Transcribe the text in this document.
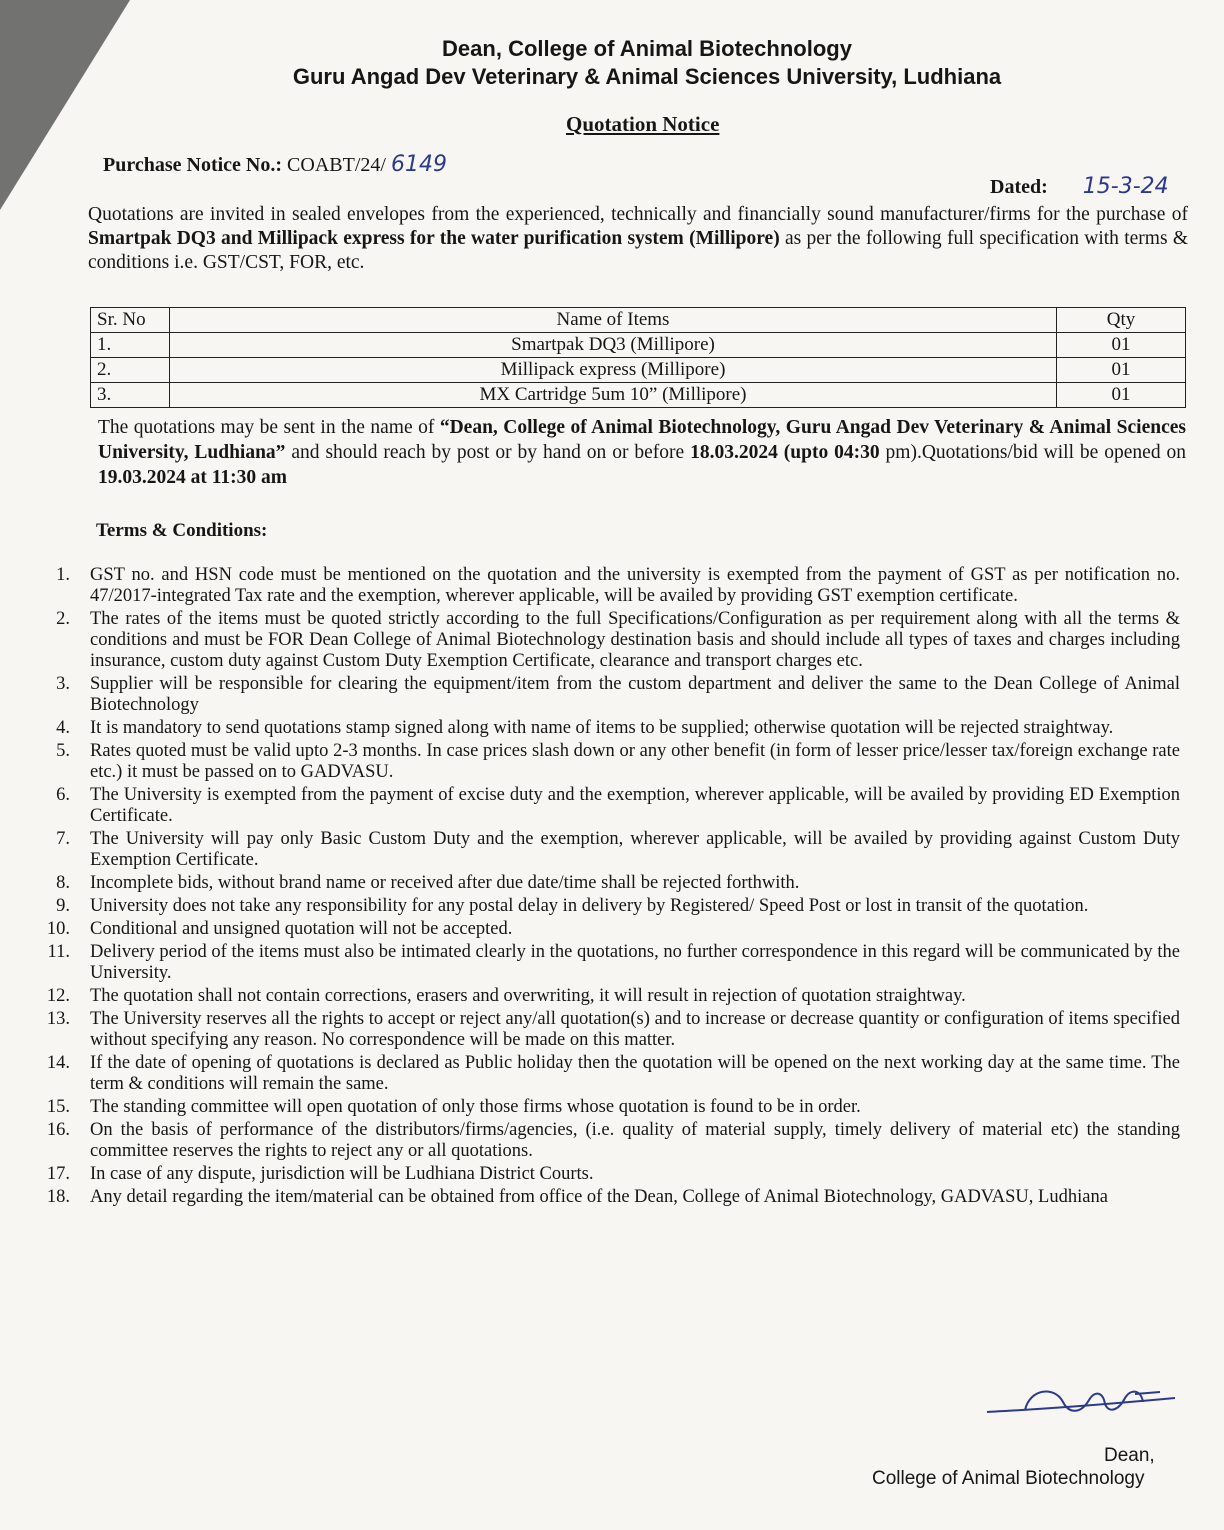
Dean, College of Animal Biotechnology
Guru Angad Dev Veterinary & Animal Sciences University, Ludhiana
Quotation Notice
Purchase Notice No.: COABT/24/ 6149
Dated: 15-3-24
Quotations are invited in sealed envelopes from the experienced, technically and financially sound manufacturer/firms for the purchase of Smartpak DQ3 and Millipack express for the water purification system (Millipore) as per the following full specification with terms & conditions i.e. GST/CST, FOR, etc.
Sr. No	Name of Items	Qty
1.	Smartpak DQ3 (Millipore)	01
2.	Millipack express (Millipore)	01
3.	MX Cartridge 5um 10” (Millipore)	01
The quotations may be sent in the name of “Dean, College of Animal Biotechnology, Guru Angad Dev Veterinary & Animal Sciences University, Ludhiana” and should reach by post or by hand on or before 18.03.2024 (upto 04:30 pm).Quotations/bid will be opened on 19.03.2024 at 11:30 am
Terms & Conditions:
1. GST no. and HSN code must be mentioned on the quotation and the university is exempted from the payment of GST as per notification no. 47/2017-integrated Tax rate and the exemption, wherever applicable, will be availed by providing GST exemption certificate.
2. The rates of the items must be quoted strictly according to the full Specifications/Configuration as per requirement along with all the terms & conditions and must be FOR Dean College of Animal Biotechnology destination basis and should include all types of taxes and charges including insurance, custom duty against Custom Duty Exemption Certificate, clearance and transport charges etc.
3. Supplier will be responsible for clearing the equipment/item from the custom department and deliver the same to the Dean College of Animal Biotechnology
4. It is mandatory to send quotations stamp signed along with name of items to be supplied; otherwise quotation will be rejected straightway.
5. Rates quoted must be valid upto 2-3 months. In case prices slash down or any other benefit (in form of lesser price/lesser tax/foreign exchange rate etc.) it must be passed on to GADVASU.
6. The University is exempted from the payment of excise duty and the exemption, wherever applicable, will be availed by providing ED Exemption Certificate.
7. The University will pay only Basic Custom Duty and the exemption, wherever applicable, will be availed by providing against Custom Duty Exemption Certificate.
8. Incomplete bids, without brand name or received after due date/time shall be rejected forthwith.
9. University does not take any responsibility for any postal delay in delivery by Registered/ Speed Post or lost in transit of the quotation.
10. Conditional and unsigned quotation will not be accepted.
11. Delivery period of the items must also be intimated clearly in the quotations, no further correspondence in this regard will be communicated by the University.
12. The quotation shall not contain corrections, erasers and overwriting, it will result in rejection of quotation straightway.
13. The University reserves all the rights to accept or reject any/all quotation(s) and to increase or decrease quantity or configuration of items specified without specifying any reason. No correspondence will be made on this matter.
14. If the date of opening of quotations is declared as Public holiday then the quotation will be opened on the next working day at the same time. The term & conditions will remain the same.
15. The standing committee will open quotation of only those firms whose quotation is found to be in order.
16. On the basis of performance of the distributors/firms/agencies, (i.e. quality of material supply, timely delivery of material etc) the standing committee reserves the rights to reject any or all quotations.
17. In case of any dispute, jurisdiction will be Ludhiana District Courts.
18. Any detail regarding the item/material can be obtained from office of the Dean, College of Animal Biotechnology, GADVASU, Ludhiana
Dean,
College of Animal Biotechnology
